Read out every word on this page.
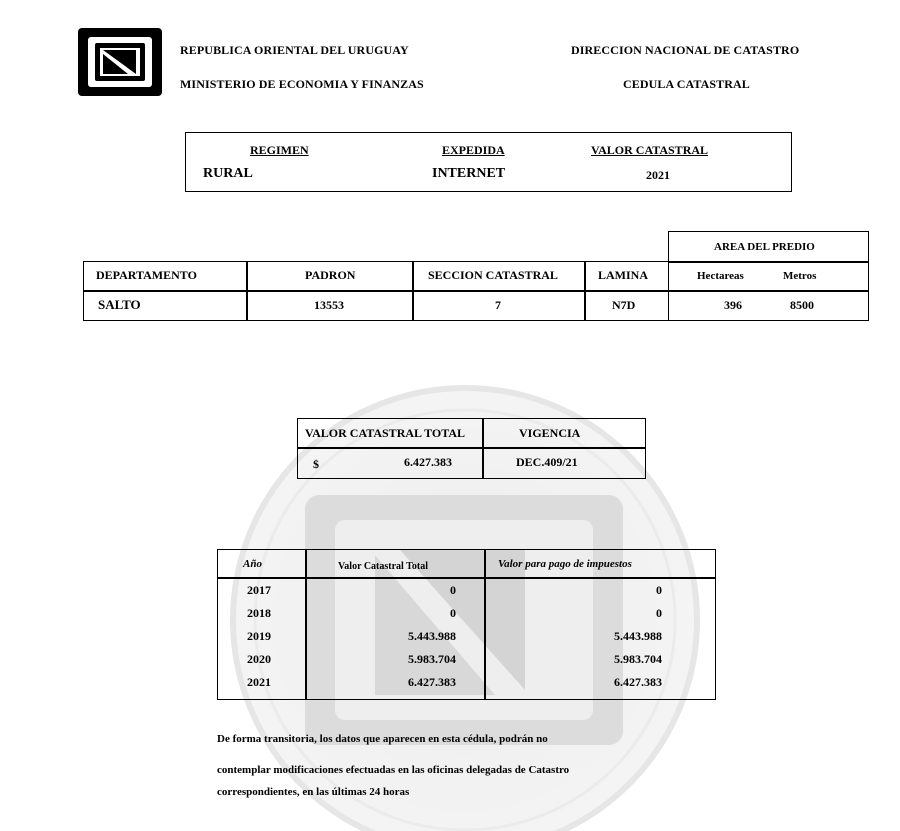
REPUBLICA ORIENTAL DEL URUGUAY
MINISTERIO DE ECONOMIA Y FINANZAS
DIRECCION NACIONAL DE CATASTRO
CEDULA CATASTRAL
REGIMEN	EXPEDIDA	VALOR CATASTRAL
RURAL	INTERNET	2021
AREA DEL PREDIO
DEPARTAMENTO	PADRON	SECCION CATASTRAL	LAMINA	Hectareas	Metros
SALTO	13553	7	N7D	396	8500
VALOR CATASTRAL TOTAL	VIGENCIA
$	6.427.383	DEC.409/21
Año	Valor Catastral Total	Valor para pago de impuestos
2017	0	0
2018	0	0
2019	5.443.988	5.443.988
2020	5.983.704	5.983.704
2021	6.427.383	6.427.383
De forma transitoria, los datos que aparecen en esta cédula, podrán no
contemplar modificaciones efectuadas en las oficinas delegadas de Catastro
correspondientes, en las últimas 24 horas
